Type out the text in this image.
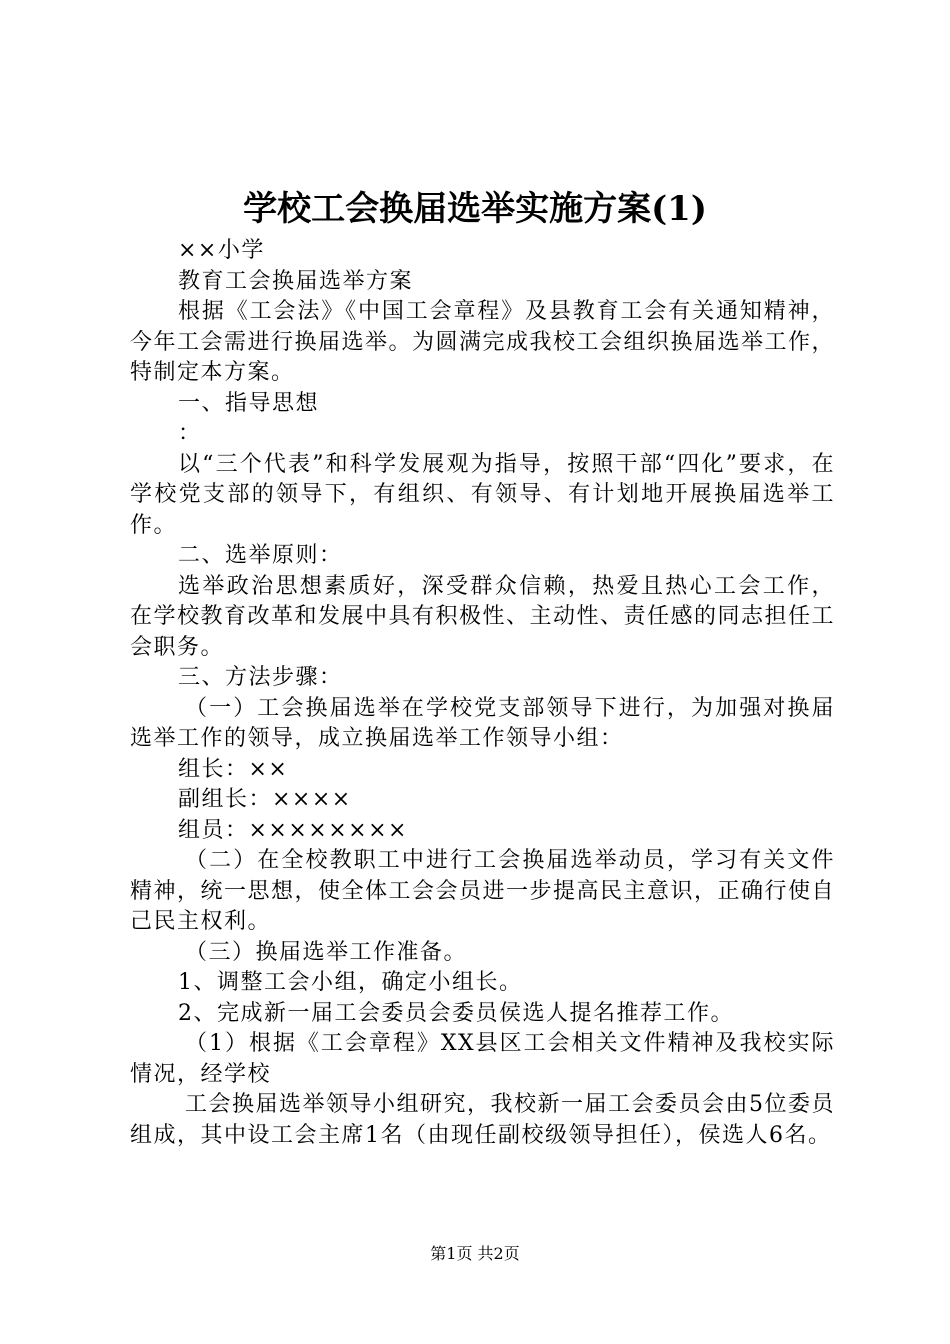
学校工会换届选举实施方案(1)

××小学

教育工会换届选举方案

根据《工会法》《中国工会章程》及县教育工会有关通知精神，今年工会需进行换届选举。为圆满完成我校工会组织换届选举工作，特制定本方案。

一、指导思想

：

以“三个代表”和科学发展观为指导，按照干部“四化”要求，在学校党支部的领导下，有组织、有领导、有计划地开展换届选举工作。

二、选举原则：

选举政治思想素质好，深受群众信赖，热爱且热心工会工作，在学校教育改革和发展中具有积极性、主动性、责任感的同志担任工会职务。

三、方法步骤：

（一）工会换届选举在学校党支部领导下进行，为加强对换届选举工作的领导，成立换届选举工作领导小组：

组长：××

副组长：××××

组员：××××××××

（二）在全校教职工中进行工会换届选举动员，学习有关文件精神，统一思想，使全体工会会员进一步提高民主意识，正确行使自己民主权利。

（三）换届选举工作准备。

1、调整工会小组，确定小组长。

2、完成新一届工会委员会委员侯选人提名推荐工作。

（1）根据《工会章程》XX县区工会相关文件精神及我校实际情况，经学校

工会换届选举领导小组研究，我校新一届工会委员会由5位委员组成，其中设工会主席1名（由现任副校级领导担任），侯选人6名。

第1页 共2页
